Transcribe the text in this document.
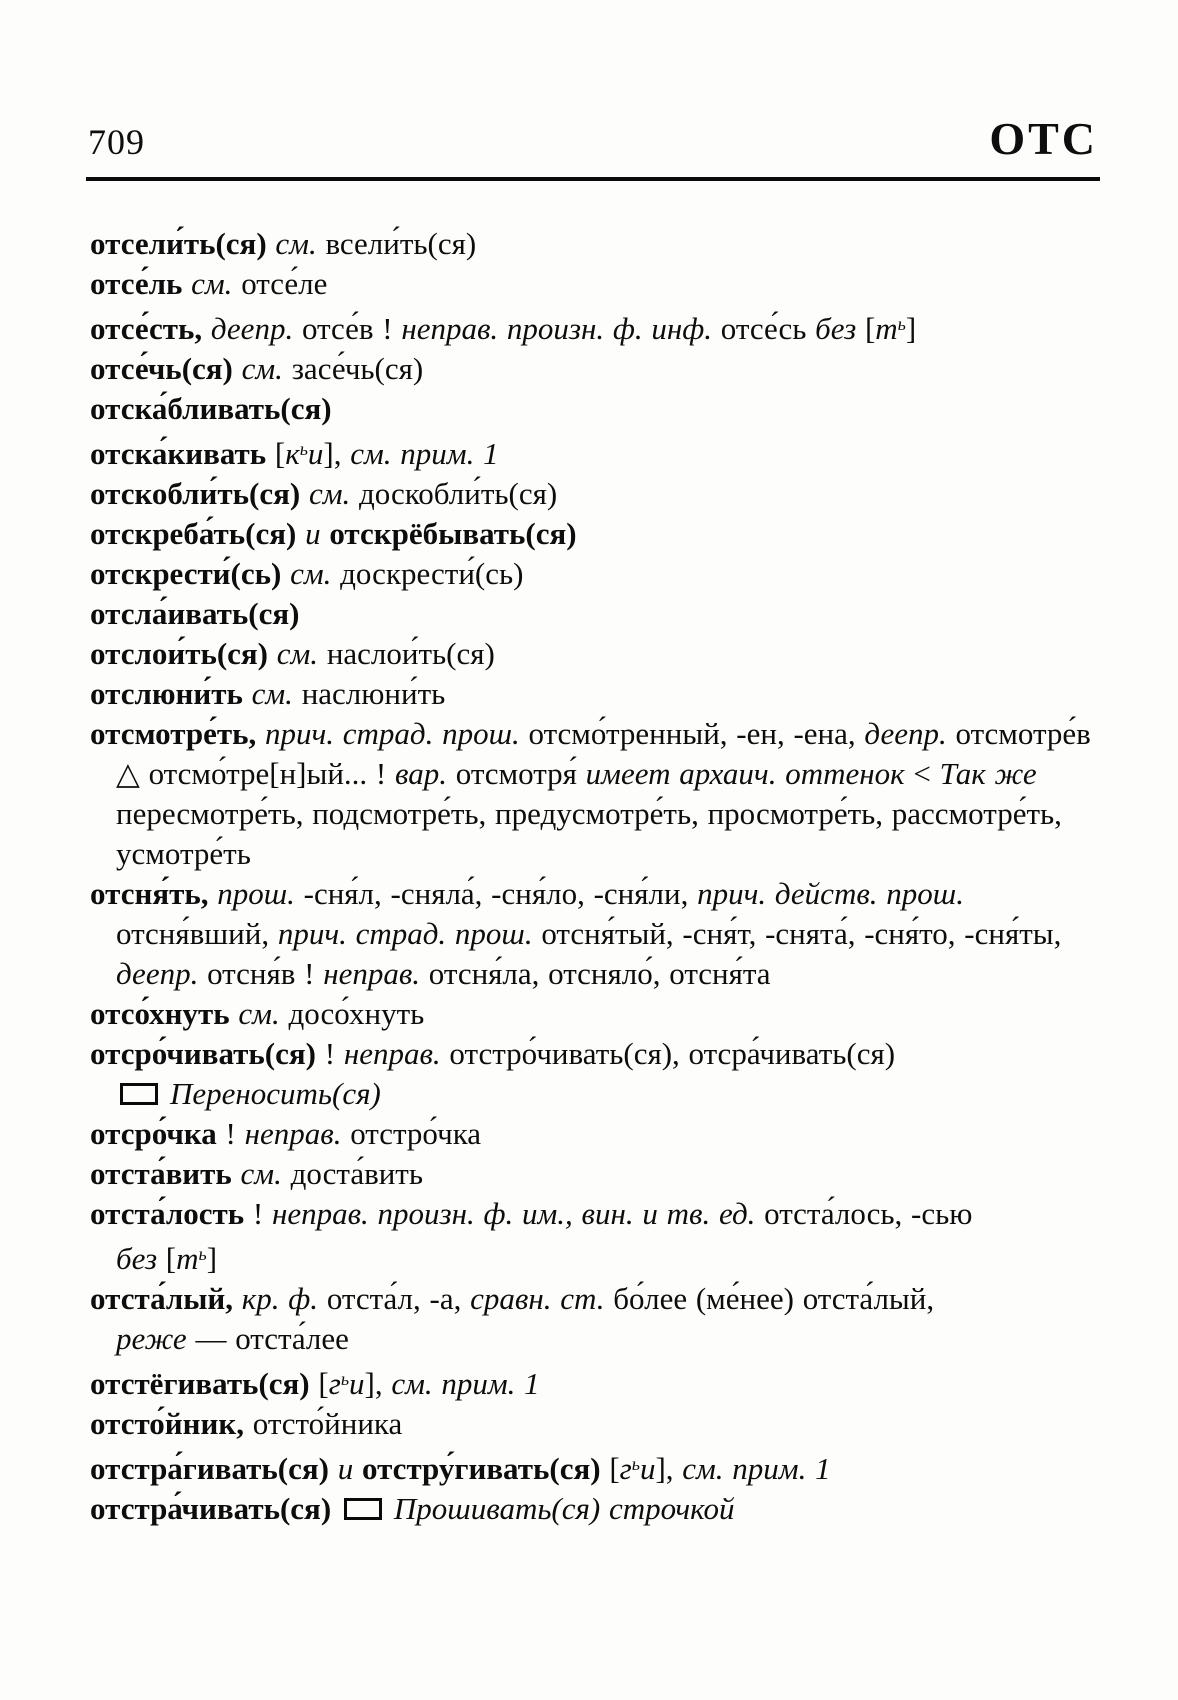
709	ОТС

отсели́ть(ся) см. всели́ть(ся)

отсе́ль см. отсе́ле

отсе́сть, деепр. отсе́в ! неправ. произн. ф. инф. отсе́сь без $[т^ь]$

отсе́чь(ся) см. засе́чь(ся)

отска́бливать(ся)

отска́кивать $[к^ьи]$, см. прим. 1

отскобли́ть(ся) см. доскобли́ть(ся)

отскреба́ть(ся) и отскрёбывать(ся)

отскрести́(сь) см. доскрести́(сь)

отсла́ивать(ся)

отслои́ть(ся) см. наслои́ть(ся)

отслюни́ть см. наслюни́ть

отсмотре́ть, прич. страд. прош. отсмо́тренный, -ен, -ена, деепр. отсмотре́в △ отсмо́тре[н]ый... ! вар. отсмотря́ имеет архаич. оттенок < Так же пересмотре́ть, подсмотре́ть, предусмотре́ть, просмотре́ть, рассмотре́ть, усмотре́ть

отсня́ть, прош. -сня́л, -сняла́, -сня́ло, -сня́ли, прич. действ. прош. отсня́вший, прич. страд. прош. отсня́тый, -сня́т, -снята́, -сня́то, -сня́ты, деепр. отсня́в ! неправ. отсня́ла, отсняло́, отсня́та

отсо́хнуть см. досо́хнуть

отсро́чивать(ся) ! неправ. отстро́чивать(ся), отсра́чивать(ся)
Переносить(ся)

отсро́чка ! неправ. отстро́чка

отста́вить см. доста́вить

отста́лость ! неправ. произн. ф. им., вин. и тв. ед. отста́лось, -сью
без $[т^ь]$

отста́лый, кр. ф. отста́л, -а, сравн. ст. бо́лее (ме́нее) отста́лый,
реже — отста́лее

отстёгивать(ся) $[г^ьи]$, см. прим. 1

отсто́йник, отсто́йника

отстра́гивать(ся) и отстру́гивать(ся) $[г^ьи]$, см. прим. 1

отстра́чивать(ся) Прошивать(ся) строчкой
